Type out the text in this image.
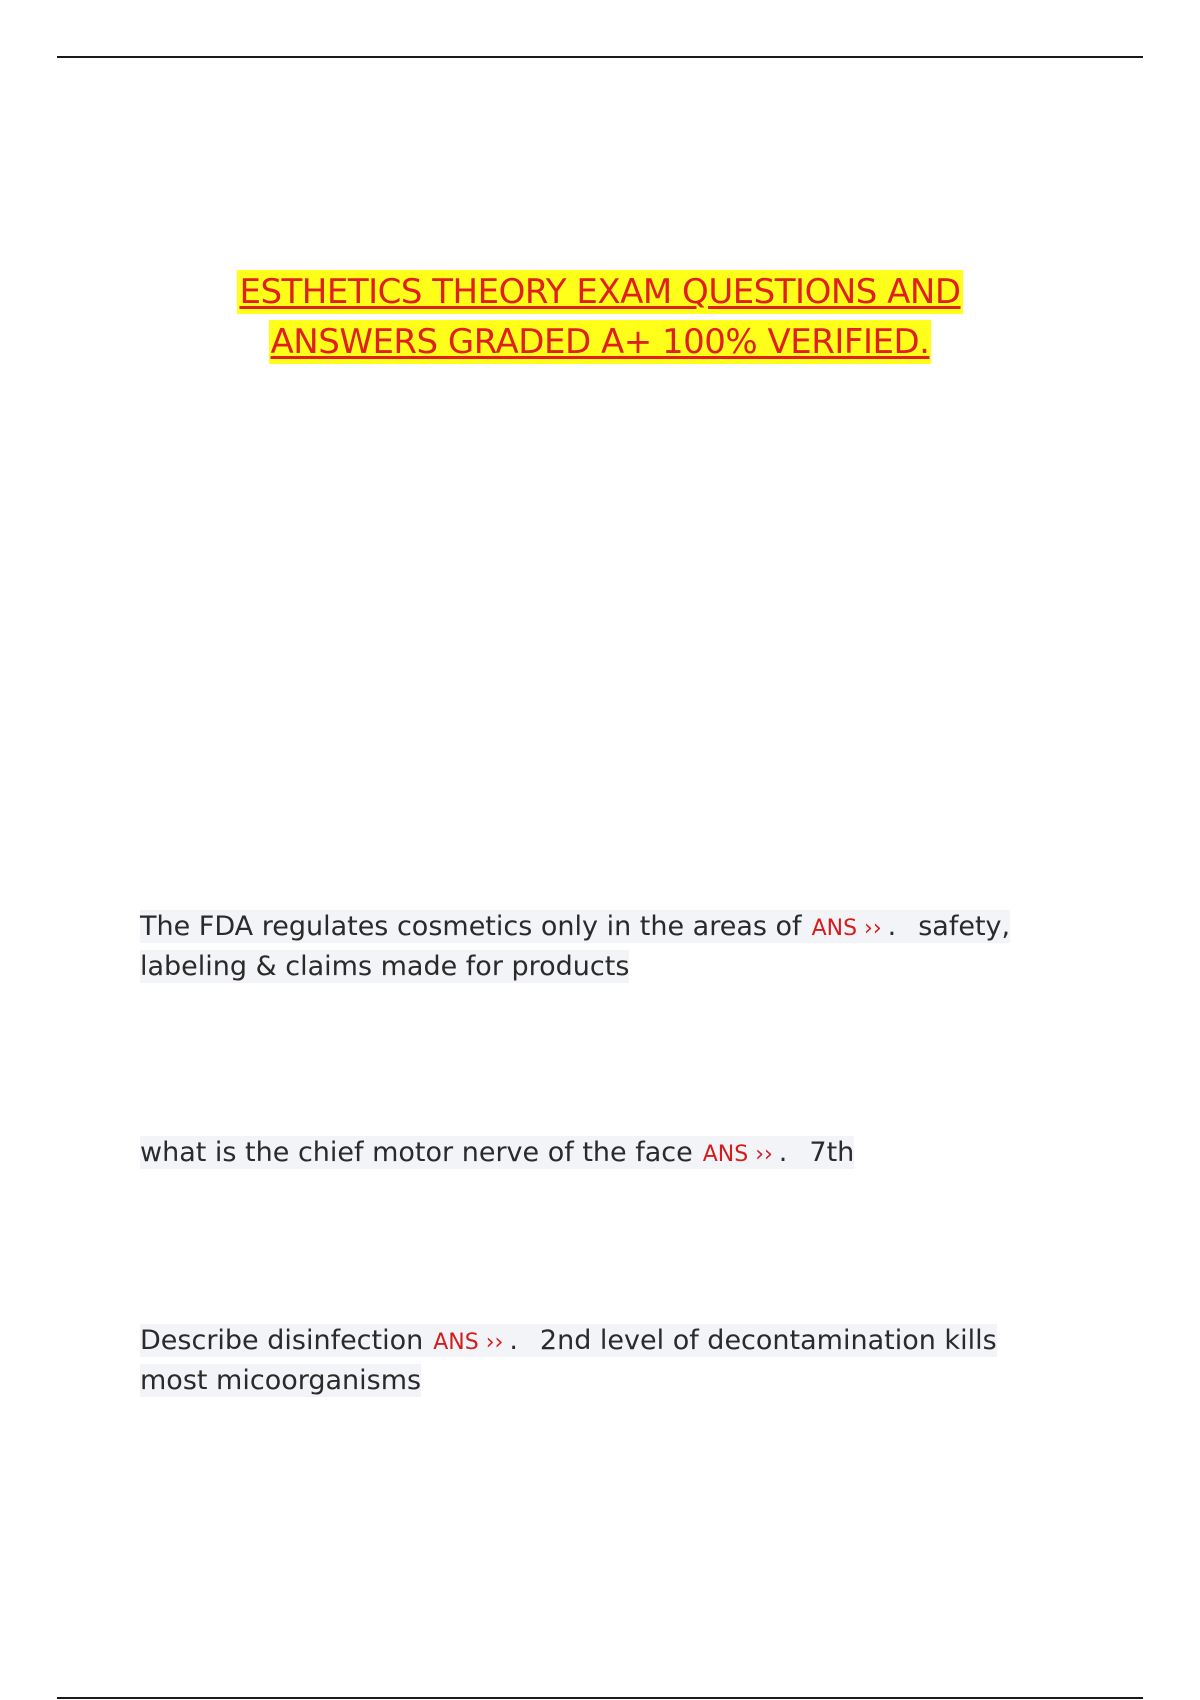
ESTHETICS THEORY EXAM QUESTIONS AND
ANSWERS GRADED A+ 100% VERIFIED.
The FDA regulates cosmetics only in the areas of ANS ›› . safety, labeling & claims made for products
what is the chief motor nerve of the face ANS ›› . 7th
Describe disinfection ANS ›› . 2nd level of decontamination kills most micoorganisms
